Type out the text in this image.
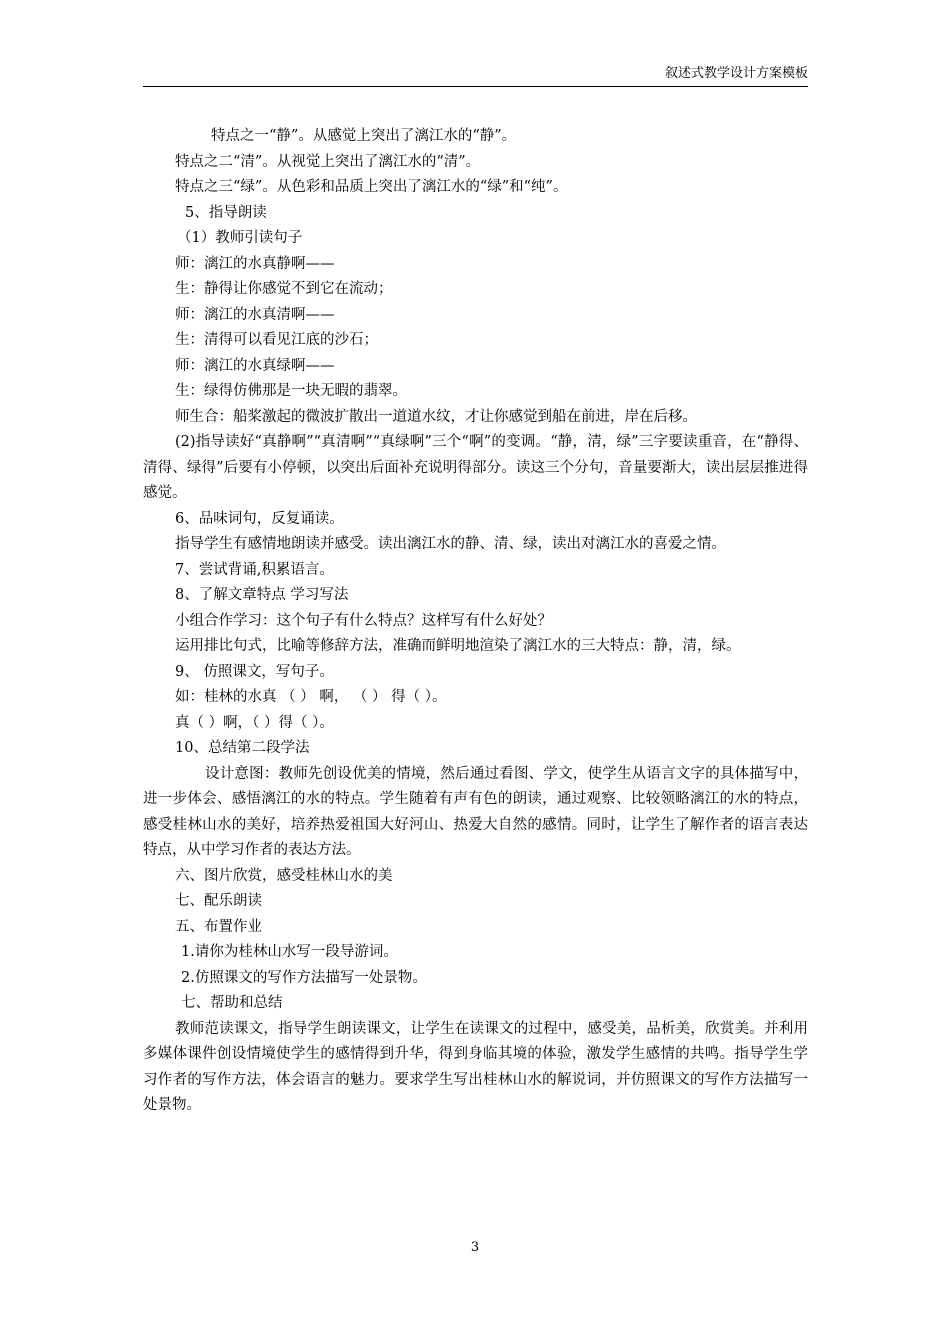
叙述式教学设计方案模板
特点之一“静”。从感觉上突出了漓江水的“静”。
特点之二“清”。从视觉上突出了漓江水的“清”。
特点之三“绿”。从色彩和品质上突出了漓江水的“绿”和“纯”。
5、指导朗读
（1）教师引读句子
师：漓江的水真静啊——
生：静得让你感觉不到它在流动；
师：漓江的水真清啊——
生：清得可以看见江底的沙石；
师：漓江的水真绿啊——
生：绿得仿佛那是一块无暇的翡翠。
师生合：船桨激起的微波扩散出一道道水纹，才让你感觉到船在前进，岸在后移。
(2)指导读好“真静啊”“真清啊”“真绿啊”三个“啊”的变调。“静，清，绿”三字要读重音，在“静得、清得、绿得”后要有小停顿，以突出后面补充说明得部分。读这三个分句，音量要渐大，读出层层推进得感觉。
6、品味词句，反复诵读。
指导学生有感情地朗读并感受。读出漓江水的静、清、绿，读出对漓江水的喜爱之情。
7、尝试背诵,积累语言。
8、了解文章特点 学习写法
小组合作学习：这个句子有什么特点？这样写有什么好处？
运用排比句式，比喻等修辞方法，准确而鲜明地渲染了漓江水的三大特点：静，清，绿。
9、 仿照课文，写句子。
如：桂林的水真 （ ） 啊， （ ） 得（ ）。
真（ ）啊，（ ）得（ ）。
10、总结第二段学法
设计意图：教师先创设优美的情境，然后通过看图、学文，使学生从语言文字的具体描写中，进一步体会、感悟漓江的水的特点。学生随着有声有色的朗读，通过观察、比较领略漓江的水的特点，感受桂林山水的美好，培养热爱祖国大好河山、热爱大自然的感情。同时，让学生了解作者的语言表达特点，从中学习作者的表达方法。
六、图片欣赏，感受桂林山水的美
七、配乐朗读
五、布置作业
1.请你为桂林山水写一段导游词。
2.仿照课文的写作方法描写一处景物。
七、帮助和总结
教师范读课文，指导学生朗读课文，让学生在读课文的过程中，感受美，品析美，欣赏美。并利用多媒体课件创设情境使学生的感情得到升华，得到身临其境的体验，激发学生感情的共鸣。指导学生学习作者的写作方法，体会语言的魅力。要求学生写出桂林山水的解说词，并仿照课文的写作方法描写一处景物。
3
